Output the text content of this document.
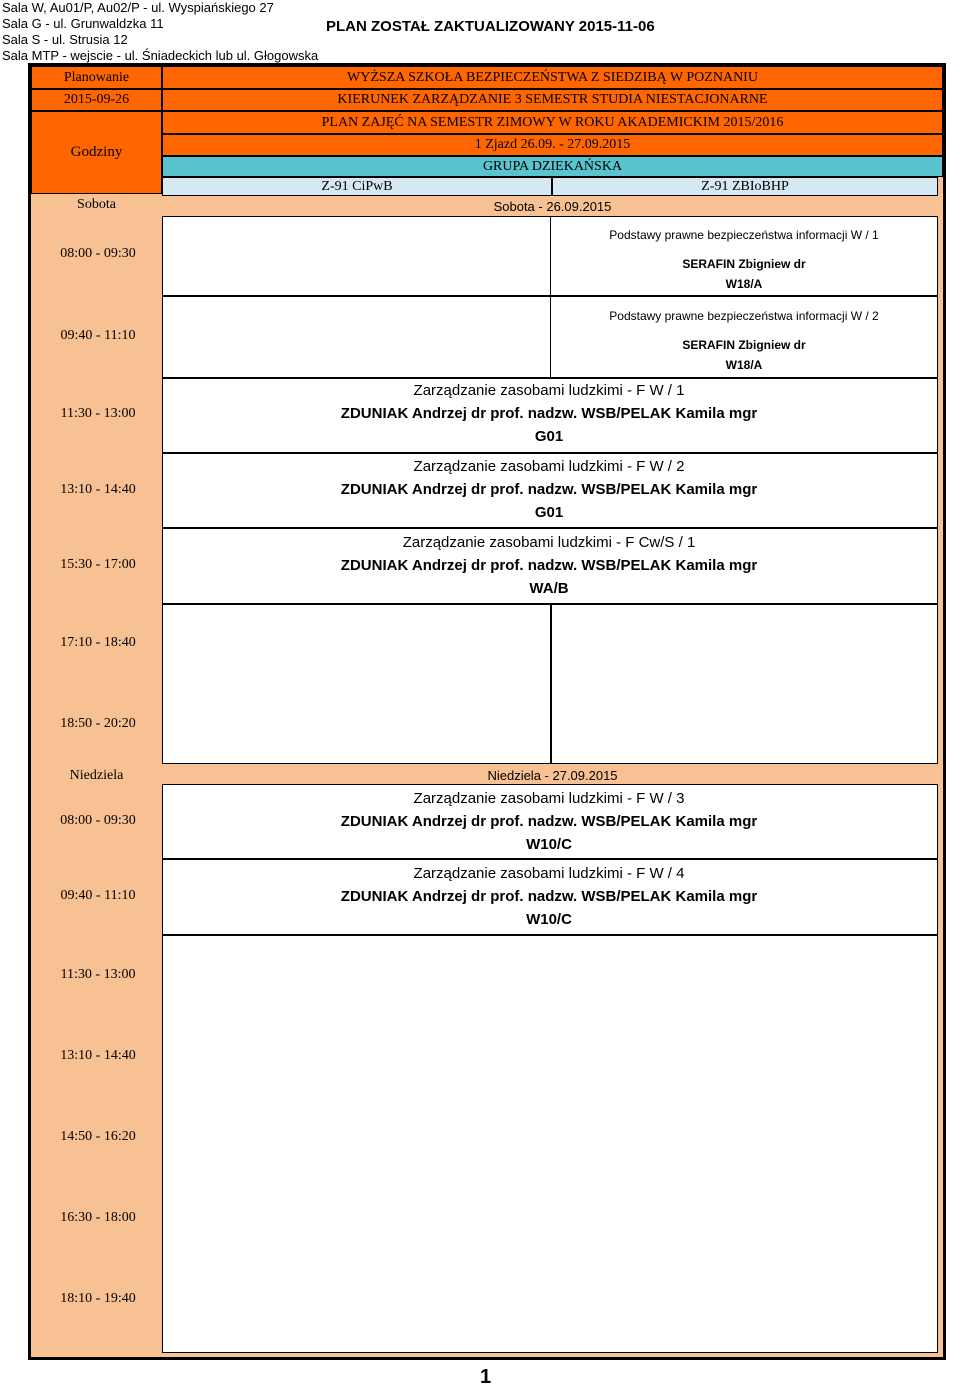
Sala W, Au01/P, Au02/P - ul. Wyspiańskiego 27
Sala G - ul. Grunwaldzka 11
Sala S - ul. Strusia 12
Sala MTP - wejscie - ul. Śniadeckich lub ul. Głogowska
PLAN ZOSTAŁ ZAKTUALIZOWANY 2015-11-06
Planowanie
2015-09-26
Godziny
Sobota
WYŻSZA SZKOŁA BEZPIECZEŃSTWA Z SIEDZIBĄ W POZNANIU
KIERUNEK ZARZĄDZANIE 3 SEMESTR STUDIA NIESTACJONARNE
PLAN ZAJĘĆ NA SEMESTR ZIMOWY W ROKU AKADEMICKIM 2015/2016
1 Zjazd 26.09. - 27.09.2015
GRUPA DZIEKAŃSKA
Z-91 CiPwB	Z-91 ZBIoBHP
Sobota - 26.09.2015
Podstawy prawne bezpieczeństwa informacji W / 1
SERAFIN Zbigniew dr
W18/A
Podstawy prawne bezpieczeństwa informacji W / 2
SERAFIN Zbigniew dr
W18/A
Zarządzanie zasobami ludzkimi - F W / 1
ZDUNIAK Andrzej dr prof. nadzw. WSB/PELAK Kamila mgr
G01
Zarządzanie zasobami ludzkimi - F W / 2
ZDUNIAK Andrzej dr prof. nadzw. WSB/PELAK Kamila mgr
G01
Zarządzanie zasobami ludzkimi - F Cw/S / 1
ZDUNIAK Andrzej dr prof. nadzw. WSB/PELAK Kamila mgr
WA/B
08:00 - 09:30
09:40 - 11:10
11:30 - 13:00
13:10 - 14:40
15:30 - 17:00
17:10 - 18:40
18:50 - 20:20
Niedziela	Niedziela - 27.09.2015
Zarządzanie zasobami ludzkimi - F W / 3
ZDUNIAK Andrzej dr prof. nadzw. WSB/PELAK Kamila mgr
W10/C
Zarządzanie zasobami ludzkimi - F W / 4
ZDUNIAK Andrzej dr prof. nadzw. WSB/PELAK Kamila mgr
W10/C
08:00 - 09:30
09:40 - 11:10
11:30 - 13:00
13:10 - 14:40
14:50 - 16:20
16:30 - 18:00
18:10 - 19:40
1
